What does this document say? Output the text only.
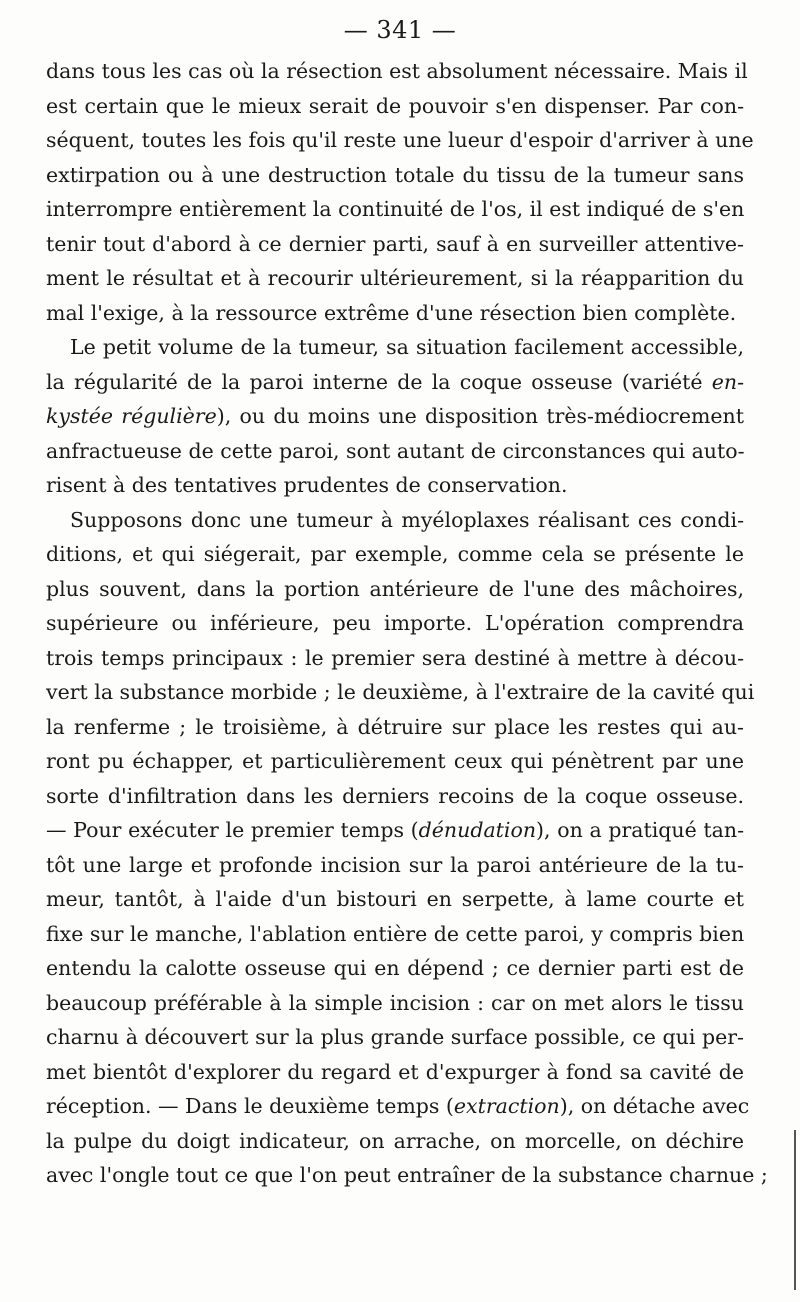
— 341 —
dans tous les cas où la résection est absolument nécessaire. Mais il
est certain que le mieux serait de pouvoir s'en dispenser. Par con-
séquent, toutes les fois qu'il reste une lueur d'espoir d'arriver à une
extirpation ou à une destruction totale du tissu de la tumeur sans
interrompre entièrement la continuité de l'os, il est indiqué de s'en
tenir tout d'abord à ce dernier parti, sauf à en surveiller attentive-
ment le résultat et à recourir ultérieurement, si la réapparition du
mal l'exige, à la ressource extrême d'une résection bien complète.
Le petit volume de la tumeur, sa situation facilement accessible,
la régularité de la paroi interne de la coque osseuse (variété en-
kystée régulière), ou du moins une disposition très-médiocrement
anfractueuse de cette paroi, sont autant de circonstances qui auto-
risent à des tentatives prudentes de conservation.
Supposons donc une tumeur à myéloplaxes réalisant ces condi-
ditions, et qui siégerait, par exemple, comme cela se présente le
plus souvent, dans la portion antérieure de l'une des mâchoires,
supérieure ou inférieure, peu importe. L'opération comprendra
trois temps principaux : le premier sera destiné à mettre à décou-
vert la substance morbide ; le deuxième, à l'extraire de la cavité qui
la renferme ; le troisième, à détruire sur place les restes qui au-
ront pu échapper, et particulièrement ceux qui pénètrent par une
sorte d'infiltration dans les derniers recoins de la coque osseuse.
— Pour exécuter le premier temps (dénudation), on a pratiqué tan-
tôt une large et profonde incision sur la paroi antérieure de la tu-
meur, tantôt, à l'aide d'un bistouri en serpette, à lame courte et
fixe sur le manche, l'ablation entière de cette paroi, y compris bien
entendu la calotte osseuse qui en dépend ; ce dernier parti est de
beaucoup préférable à la simple incision : car on met alors le tissu
charnu à découvert sur la plus grande surface possible, ce qui per-
met bientôt d'explorer du regard et d'expurger à fond sa cavité de
réception. — Dans le deuxième temps (extraction), on détache avec
la pulpe du doigt indicateur, on arrache, on morcelle, on déchire
avec l'ongle tout ce que l'on peut entraîner de la substance charnue ;
